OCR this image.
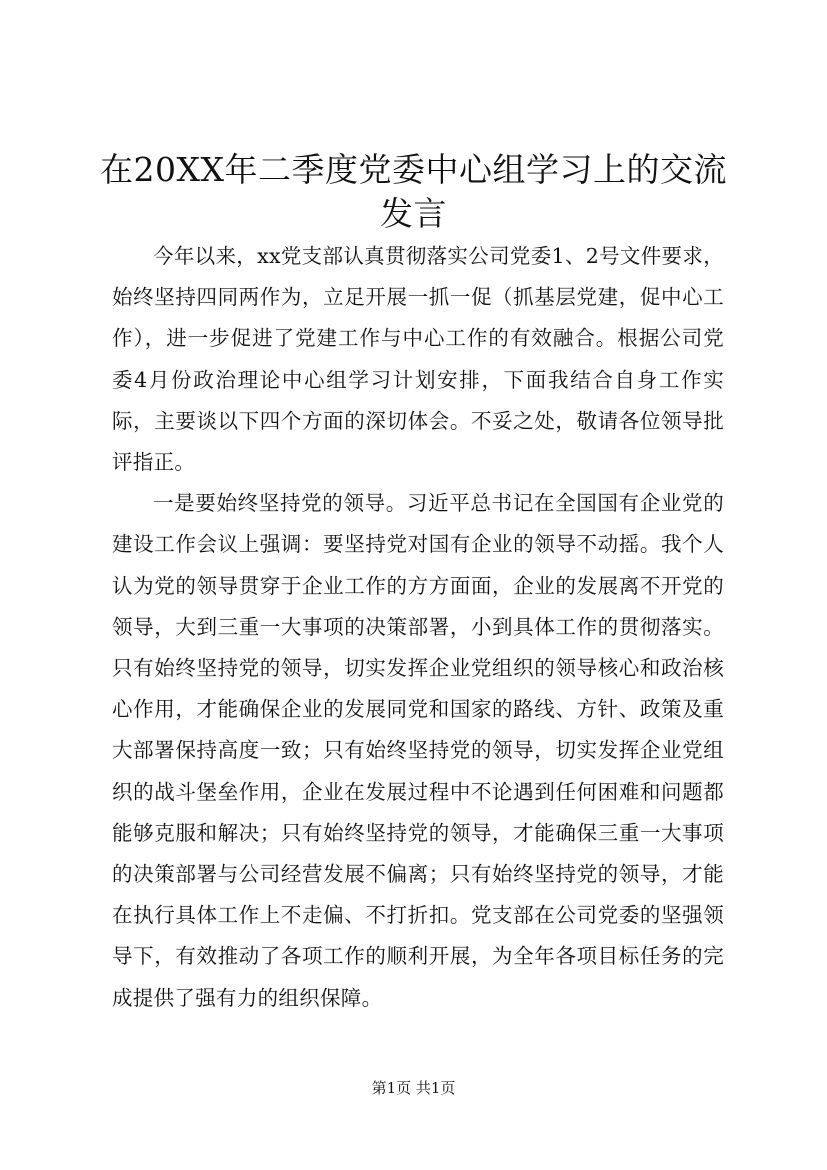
在20XX年二季度党委中心组学习上的交流发言

今年以来，xx党支部认真贯彻落实公司党委1、2号文件要求，始终坚持四同两作为，立足开展一抓一促（抓基层党建，促中心工作），进一步促进了党建工作与中心工作的有效融合。根据公司党委4月份政治理论中心组学习计划安排，下面我结合自身工作实际，主要谈以下四个方面的深切体会。不妥之处，敬请各位领导批评指正。

一是要始终坚持党的领导。习近平总书记在全国国有企业党的建设工作会议上强调：要坚持党对国有企业的领导不动摇。我个人认为党的领导贯穿于企业工作的方方面面，企业的发展离不开党的领导，大到三重一大事项的决策部署，小到具体工作的贯彻落实。只有始终坚持党的领导，切实发挥企业党组织的领导核心和政治核心作用，才能确保企业的发展同党和国家的路线、方针、政策及重大部署保持高度一致；只有始终坚持党的领导，切实发挥企业党组织的战斗堡垒作用，企业在发展过程中不论遇到任何困难和问题都能够克服和解决；只有始终坚持党的领导，才能确保三重一大事项的决策部署与公司经营发展不偏离；只有始终坚持党的领导，才能在执行具体工作上不走偏、不打折扣。党支部在公司党委的坚强领导下，有效推动了各项工作的顺利开展，为全年各项目标任务的完成提供了强有力的组织保障。

第1页 共1页
